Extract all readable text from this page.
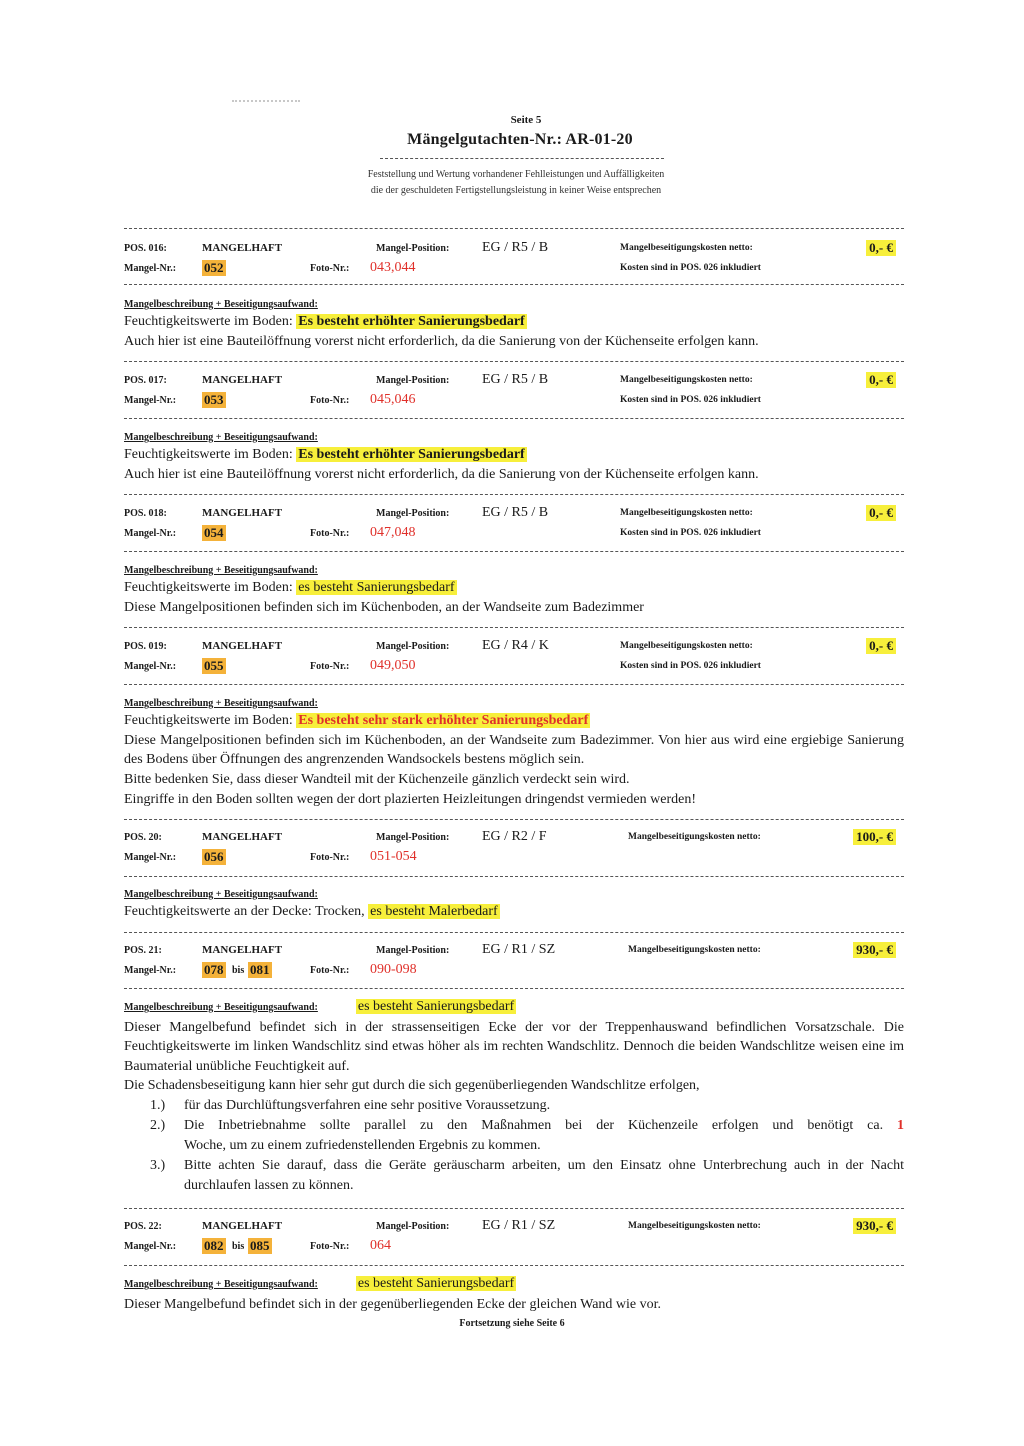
Seite 5
Mängelgutachten-Nr.: AR-01-20
Feststellung und Wertung vorhandener Fehlleistungen und Auffälligkeiten
die der geschuldeten Fertigstellungsleistung in keiner Weise entsprechen
POS. 016:	MANGELHAFT	Mangel-Position: EG / R5 / B	Mangelbeseitigungskosten netto:	0,- €
Mangel-Nr.: 052	Foto-Nr.: 043,044	Kosten sind in POS. 026 inkludiert
Mangelbeschreibung + Beseitigungsaufwand:
Feuchtigkeitswerte im Boden: Es besteht erhöhter Sanierungsbedarf
Auch hier ist eine Bauteilöffnung vorerst nicht erforderlich, da die Sanierung von der Küchenseite erfolgen kann.
POS. 017:	MANGELHAFT	Mangel-Position: EG / R5 / B	Mangelbeseitigungskosten netto:	0,- €
Mangel-Nr.: 053	Foto-Nr.: 045,046	Kosten sind in POS. 026 inkludiert
Mangelbeschreibung + Beseitigungsaufwand:
Feuchtigkeitswerte im Boden: Es besteht erhöhter Sanierungsbedarf
Auch hier ist eine Bauteilöffnung vorerst nicht erforderlich, da die Sanierung von der Küchenseite erfolgen kann.
POS. 018:	MANGELHAFT	Mangel-Position: EG / R5 / B	Mangelbeseitigungskosten netto:	0,- €
Mangel-Nr.: 054	Foto-Nr.: 047,048	Kosten sind in POS. 026 inkludiert
Mangelbeschreibung + Beseitigungsaufwand:
Feuchtigkeitswerte im Boden: es besteht Sanierungsbedarf
Diese Mangelpositionen befinden sich im Küchenboden, an der Wandseite zum Badezimmer
POS. 019:	MANGELHAFT	Mangel-Position: EG / R4 / K	Mangelbeseitigungskosten netto:	0,- €
Mangel-Nr.: 055	Foto-Nr.: 049,050	Kosten sind in POS. 026 inkludiert
Mangelbeschreibung + Beseitigungsaufwand:
Feuchtigkeitswerte im Boden: Es besteht sehr stark erhöhter Sanierungsbedarf
Diese Mangelpositionen befinden sich im Küchenboden, an der Wandseite zum Badezimmer. Von hier aus wird eine ergiebige Sanierung des Bodens über Öffnungen des angrenzenden Wandsockels bestens möglich sein.
Bitte bedenken Sie, dass dieser Wandteil mit der Küchenzeile gänzlich verdeckt sein wird.
Eingriffe in den Boden sollten wegen der dort plazierten Heizleitungen dringendst vermieden werden!
POS. 20:	MANGELHAFT	Mangel-Position: EG / R2 / F	Mangelbeseitigungskosten netto:	100,- €
Mangel-Nr.: 056	Foto-Nr.: 051-054
Mangelbeschreibung + Beseitigungsaufwand:
Feuchtigkeitswerte an der Decke: Trocken, es besteht Malerbedarf
POS. 21:	MANGELHAFT	Mangel-Position: EG / R1 / SZ	Mangelbeseitigungskosten netto:	930,- €
Mangel-Nr.: 078 bis 081	Foto-Nr.: 090-098
Mangelbeschreibung + Beseitigungsaufwand:	es besteht Sanierungsbedarf
Dieser Mangelbefund befindet sich in der strassenseitigen Ecke der vor der Treppenhauswand befindlichen Vorsatzschale. Die Feuchtigkeitswerte im linken Wandschlitz sind etwas höher als im rechten Wandschlitz. Dennoch die beiden Wandschlitze weisen eine im Baumaterial unübliche Feuchtigkeit auf.
Die Schadensbeseitigung kann hier sehr gut durch die sich gegenüberliegenden Wandschlitze erfolgen,
1.) für das Durchlüftungsverfahren eine sehr positive Voraussetzung.
2.) Die Inbetriebnahme sollte parallel zu den Maßnahmen bei der Küchenzeile erfolgen und benötigt ca. 1
Woche, um zu einem zufriedenstellenden Ergebnis zu kommen.
3.) Bitte achten Sie darauf, dass die Geräte geräuscharm arbeiten, um den Einsatz ohne Unterbrechung auch in der Nacht durchlaufen lassen zu können.
POS. 22:	MANGELHAFT	Mangel-Position: EG / R1 / SZ	Mangelbeseitigungskosten netto:	930,- €
Mangel-Nr.: 082 bis 085	Foto-Nr.: 064
Mangelbeschreibung + Beseitigungsaufwand:	es besteht Sanierungsbedarf
Dieser Mangelbefund befindet sich in der gegenüberliegenden Ecke der gleichen Wand wie vor.
Fortsetzung siehe Seite 6
